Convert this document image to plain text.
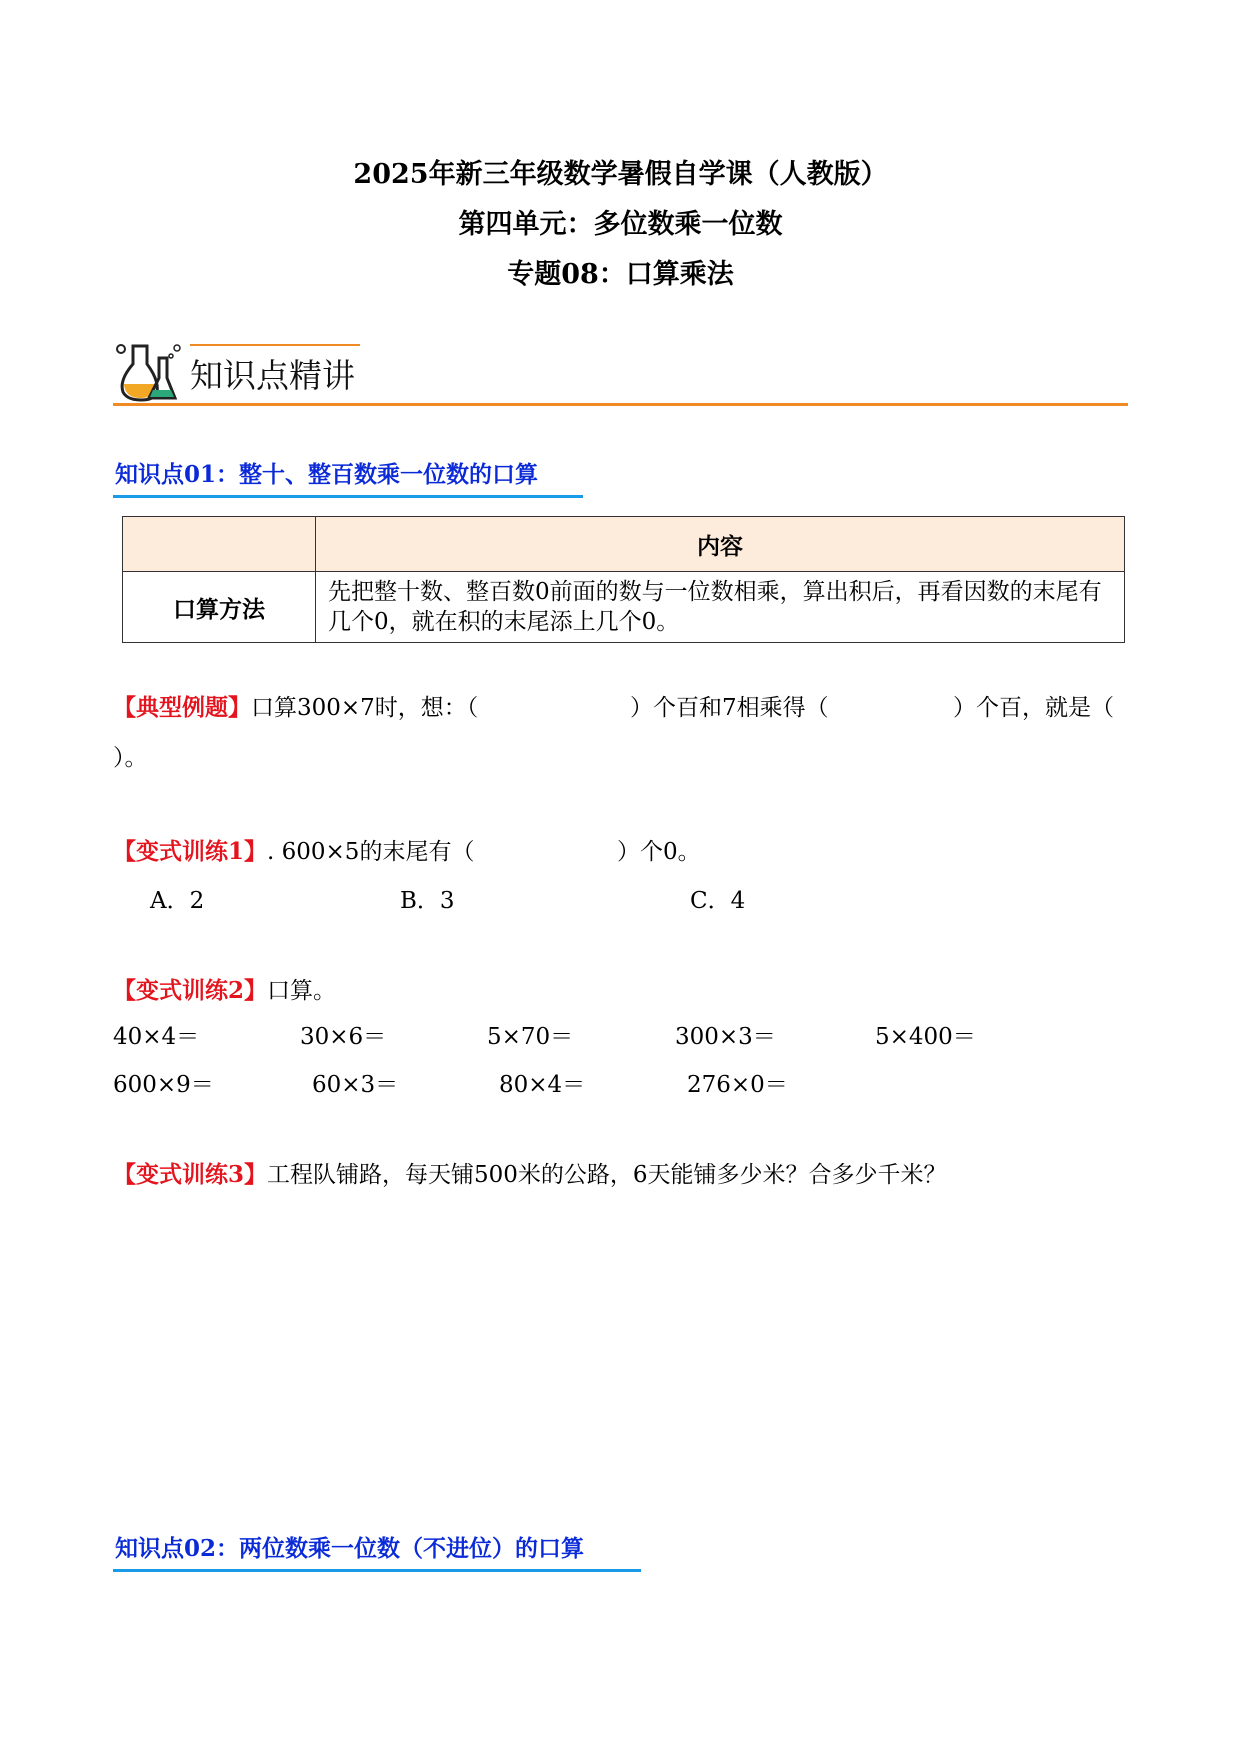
2025年新三年级数学暑假自学课（人教版）
第四单元：多位数乘一位数
专题08：口算乘法
知识点精讲
知识点01：整十、整百数乘一位数的口算
	内容
口算方法	先把整十数、整百数0前面的数与一位数相乘，算出积后，再看因数的末尾有几个0，就在积的末尾添上几个0。
【典型例题】口算300×7时，想：（	）个百和7相乘得（	）个百，就是（
）。
【变式训练1】. 600×5的末尾有（	）个0。
A．2	B．3	C．4
【变式训练2】口算。
40×4＝	30×6＝	5×70＝	300×3＝	5×400＝
600×9＝	60×3＝	80×4＝	276×0＝
【变式训练3】工程队铺路，每天铺500米的公路，6天能铺多少米？合多少千米？
知识点02：两位数乘一位数（不进位）的口算
